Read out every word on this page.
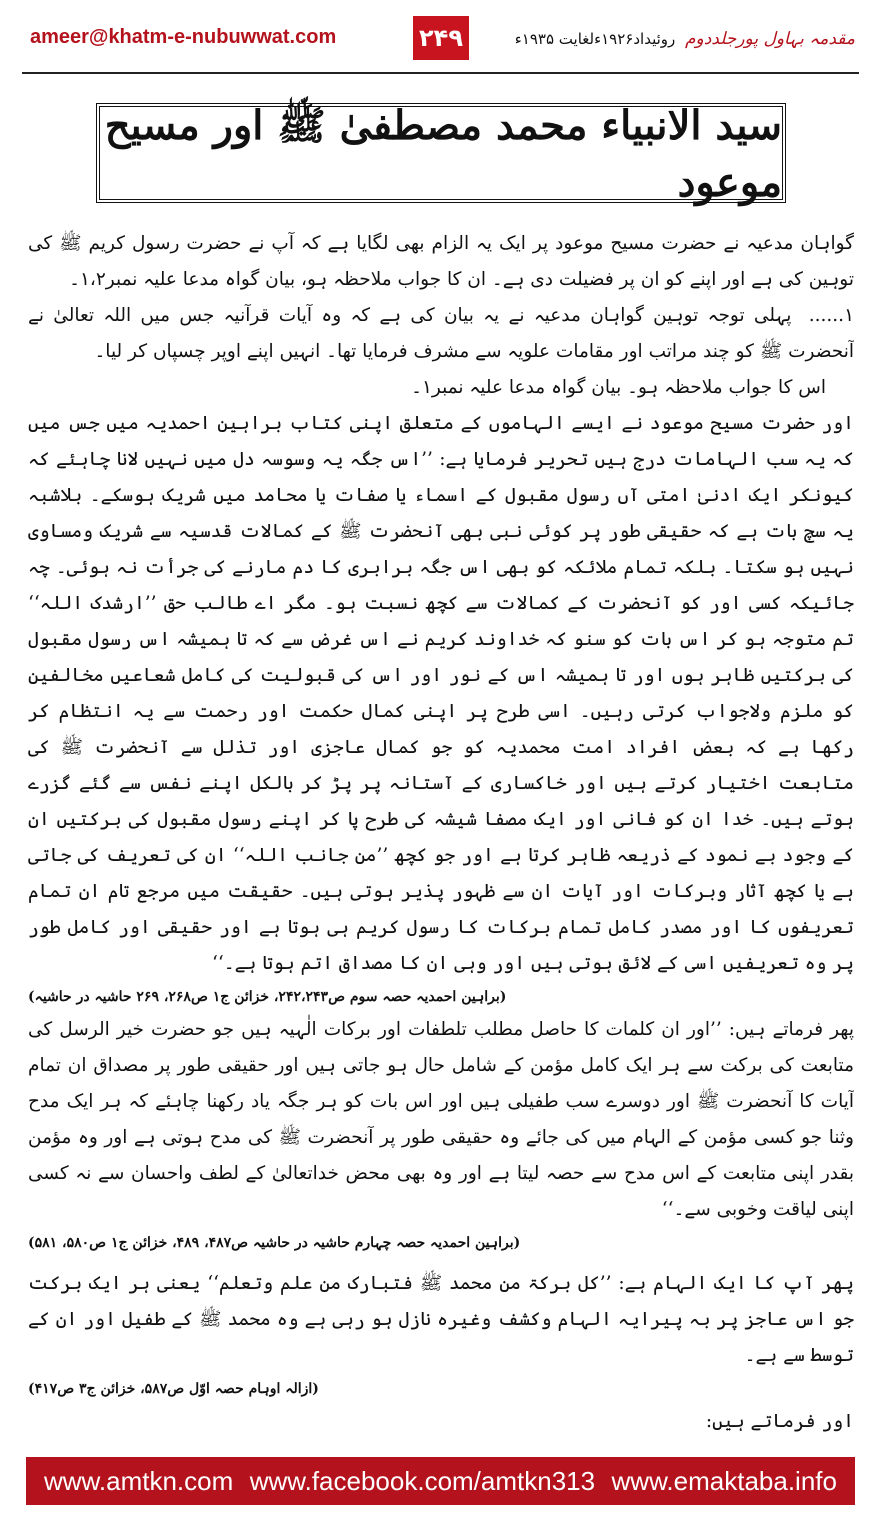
ameer@khatm-e-nubuwwat.com	۲۴۹	روئیداد۱۹۲۶ءلغایت ۱۹۳۵ء مقدمہ بہاول پورجلددوم
سید الانبیاء محمد مصطفیٰ ﷺ اور مسیح موعود

گواہان مدعیہ نے حضرت مسیح موعود پر ایک یہ الزام بھی لگایا ہے کہ آپ نے حضرت رسول کریم ﷺ کی توہین کی ہے اور اپنے کو ان پر فضیلت دی ہے۔ ان کا جواب ملاحظہ ہو، بیان گواہ مدعا علیہ نمبر۱،۲۔

۱...... پہلی توجہ توہین گواہان مدعیہ نے یہ بیان کی ہے کہ وہ آیات قرآنیہ جس میں اللہ تعالیٰ نے آنحضرت ﷺ کو چند مراتب اور مقامات علویہ سے مشرف فرمایا تھا۔ انہیں اپنے اوپر چسپاں کر لیا۔

اس کا جواب ملاحظہ ہو۔ بیان گواہ مدعا علیہ نمبر۱۔

اور حضرت مسیح موعود نے ایسے الہاموں کے متعلق اپنی کتاب براہین احمدیہ میں جس میں کہ یہ سب الہامات درج ہیں تحریر فرمایا ہے: ’’اس جگہ یہ وسوسہ دل میں نہیں لانا چاہئے کہ کیونکر ایک ادنیٰ امتی آں رسول مقبول کے اسماء یا صفات یا محامد میں شریک ہوسکے۔ بلاشبہ یہ سچ بات ہے کہ حقیقی طور پر کوئی نبی بھی آنحضرت ﷺ کے کمالات قدسیہ سے شریک ومساوی نہیں ہو سکتا۔ بلکہ تمام ملائکہ کو بھی اس جگہ برابری کا دم مارنے کی جرأت نہ ہوئی۔ چہ جائیکہ کسی اور کو آنحضرت کے کمالات سے کچھ نسبت ہو۔ مگر اے طالب حق ’’ارشدک اللہ‘‘ تم متوجہ ہو کر اس بات کو سنو کہ خداوند کریم نے اس غرض سے کہ تا ہمیشہ اس رسول مقبول کی برکتیں ظاہر ہوں اور تا ہمیشہ اس کے نور اور اس کی قبولیت کی کامل شعاعیں مخالفین کو ملزم ولاجواب کرتی رہیں۔ اسی طرح پر اپنی کمال حکمت اور رحمت سے یہ انتظام کر رکھا ہے کہ بعض افراد امت محمدیہ کو جو کمال عاجزی اور تذلل سے آنحضرت ﷺ کی متابعت اختیار کرتے ہیں اور خاکساری کے آستانہ پر پڑ کر بالکل اپنے نفس سے گئے گزرے ہوتے ہیں۔ خدا ان کو فانی اور ایک مصفا شیشہ کی طرح پا کر اپنے رسول مقبول کی برکتیں ان کے وجود بے نمود کے ذریعہ ظاہر کرتا ہے اور جو کچھ ’’من جانب اللہ‘‘ ان کی تعریف کی جاتی ہے یا کچھ آثار وبرکات اور آیات ان سے ظہور پذیر ہوتی ہیں۔ حقیقت میں مرجع تام ان تمام تعریفوں کا اور مصدر کامل تمام برکات کا رسول کریم ہی ہوتا ہے اور حقیقی اور کامل طور پر وہ تعریفیں اسی کے لائق ہوتی ہیں اور وہی ان کا مصداق اتم ہوتا ہے۔‘‘

(براہین احمدیہ حصہ سوم ص۲۴۲،۲۴۳، خزائن ج۱ ص۲۶۸، ۲۶۹ حاشیہ در حاشیہ)

پھر فرماتے ہیں: ’’اور ان کلمات کا حاصل مطلب تلطفات اور برکات الٰہیہ ہیں جو حضرت خیر الرسل کی متابعت کی برکت سے ہر ایک کامل مؤمن کے شامل حال ہو جاتی ہیں اور حقیقی طور پر مصداق ان تمام آیات کا آنحضرت ﷺ اور دوسرے سب طفیلی ہیں اور اس بات کو ہر جگہ یاد رکھنا چاہئے کہ ہر ایک مدح وثنا جو کسی مؤمن کے الہام میں کی جائے وہ حقیقی طور پر آنحضرت ﷺ کی مدح ہوتی ہے اور وہ مؤمن بقدر اپنی متابعت کے اس مدح سے حصہ لیتا ہے اور وہ بھی محض خداتعالیٰ کے لطف واحسان سے نہ کسی اپنی لیاقت وخوبی سے۔‘‘

(براہین احمدیہ حصہ چہارم حاشیہ در حاشیہ ص۴۸۷، ۴۸۹، خزائن ج۱ ص۵۸۰، ۵۸۱)

پھر آپ کا ایک الہام ہے: ’’کل برکۃ من محمد ﷺ فتبارک من علم وتعلم‘‘ یعنی ہر ایک برکت جو اس عاجز پر بہ پیرایہ الہام وکشف وغیرہ نازل ہو رہی ہے وہ محمد ﷺ کے طفیل اور ان کے توسط سے ہے۔

(ازالہ اوہام حصہ اوّل ص۵۸۷، خزائن ج۳ ص۴۱۷)

اور فرماتے ہیں:

www.amtkn.com www.facebook.com/amtkn313 www.emaktaba.info
